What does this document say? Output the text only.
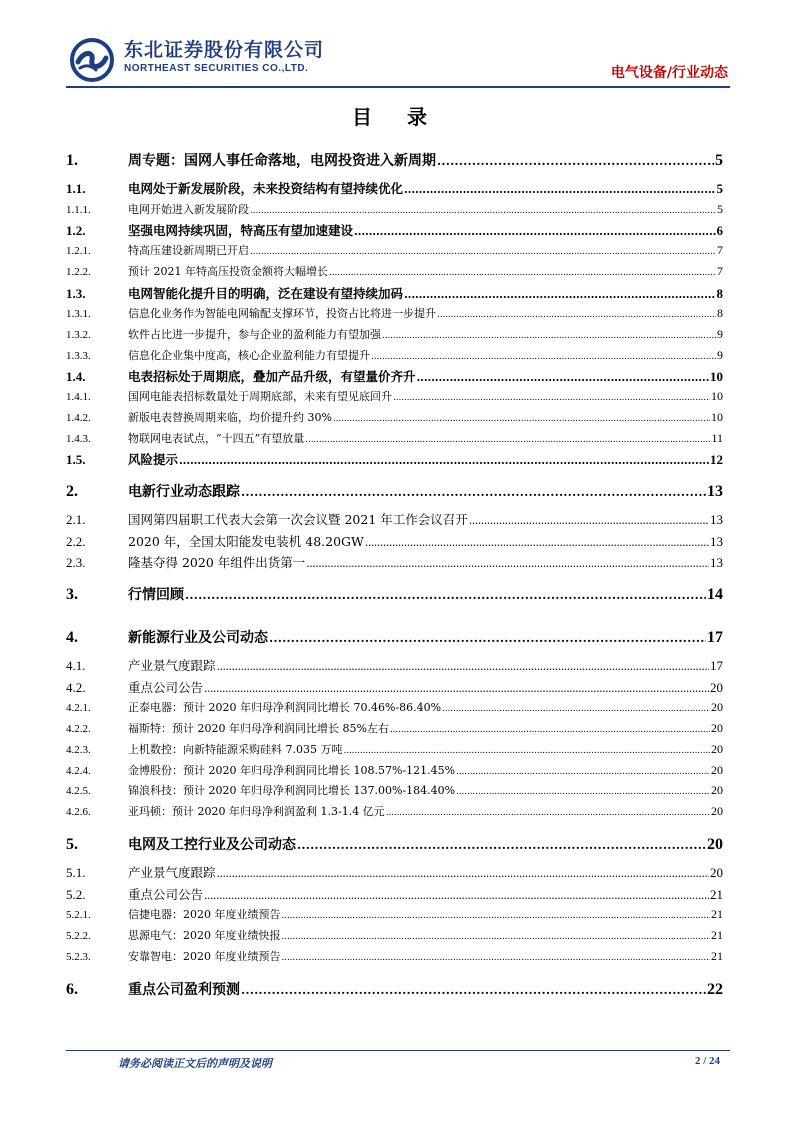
东北证券股份有限公司
NORTHEAST SECURITIES CO.,LTD.	电气设备/行业动态
目 录
1.	周专题：国网人事任命落地，电网投资进入新周期 . . .	5
1.1.	电网处于新发展阶段，未来投资结构有望持续优化 . . .	5
1.1.1.	电网开始进入新发展阶段 . . .	5
1.2.	坚强电网持续巩固，特高压有望加速建设 . . .	6
1.2.1.	特高压建设新周期已开启 . . .	7
1.2.2.	预计 2021 年特高压投资金额将大幅增长 . . .	7
1.3.	电网智能化提升目的明确，泛在建设有望持续加码 . . .	8
1.3.1.	信息化业务作为智能电网输配支撑环节，投资占比将进一步提升 . . .	8
1.3.2.	软件占比进一步提升，参与企业的盈利能力有望加强 . . .	9
1.3.3.	信息化企业集中度高，核心企业盈利能力有望提升 . . .	9
1.4.	电表招标处于周期底，叠加产品升级，有望量价齐升 . . .	10
1.4.1.	国网电能表招标数量处于周期底部，未来有望见底回升 . . .	10
1.4.2.	新版电表替换周期来临，均价提升约 30% . . .	10
1.4.3.	物联网电表试点，“十四五”有望放量 . . .	11
1.5.	风险提示 . . .	12
2.	电新行业动态跟踪 . . .	13
2.1.	国网第四届职工代表大会第一次会议暨 2021 年工作会议召开 . . .	13
2.2.	2020 年，全国太阳能发电装机 48.20GW . . .	13
2.3.	隆基夺得 2020 年组件出货第一 . . .	13
3.	行情回顾 . . .	14
4.	新能源行业及公司动态 . . .	17
4.1.	产业景气度跟踪 . . .	17
4.2.	重点公司公告 . . .	20
4.2.1.	正泰电器：预计 2020 年归母净利润同比增长 70.46%-86.40% . . .	20
4.2.2.	福斯特：预计 2020 年归母净利润同比增长 85%左右 . . .	20
4.2.3.	上机数控：向新特能源采购硅料 7.035 万吨 . . .	20
4.2.4.	金博股份：预计 2020 年归母净利润同比增长 108.57%-121.45% . . .	20
4.2.5.	锦浪科技：预计 2020 年归母净利润同比增长 137.00%-184.40% . . .	20
4.2.6.	亚玛顿：预计 2020 年归母净利润盈利 1.3-1.4 亿元 . . .	20
5.	电网及工控行业及公司动态 . . .	20
5.1.	产业景气度跟踪 . . .	20
5.2.	重点公司公告 . . .	21
5.2.1.	信捷电器：2020 年度业绩预告 . . .	21
5.2.2.	思源电气：2020 年度业绩快报 . . .	21
5.2.3.	安靠智电：2020 年度业绩预告 . . .	21
6.	重点公司盈利预测 . . .	22
请务必阅读正文后的声明及说明	2 / 24
